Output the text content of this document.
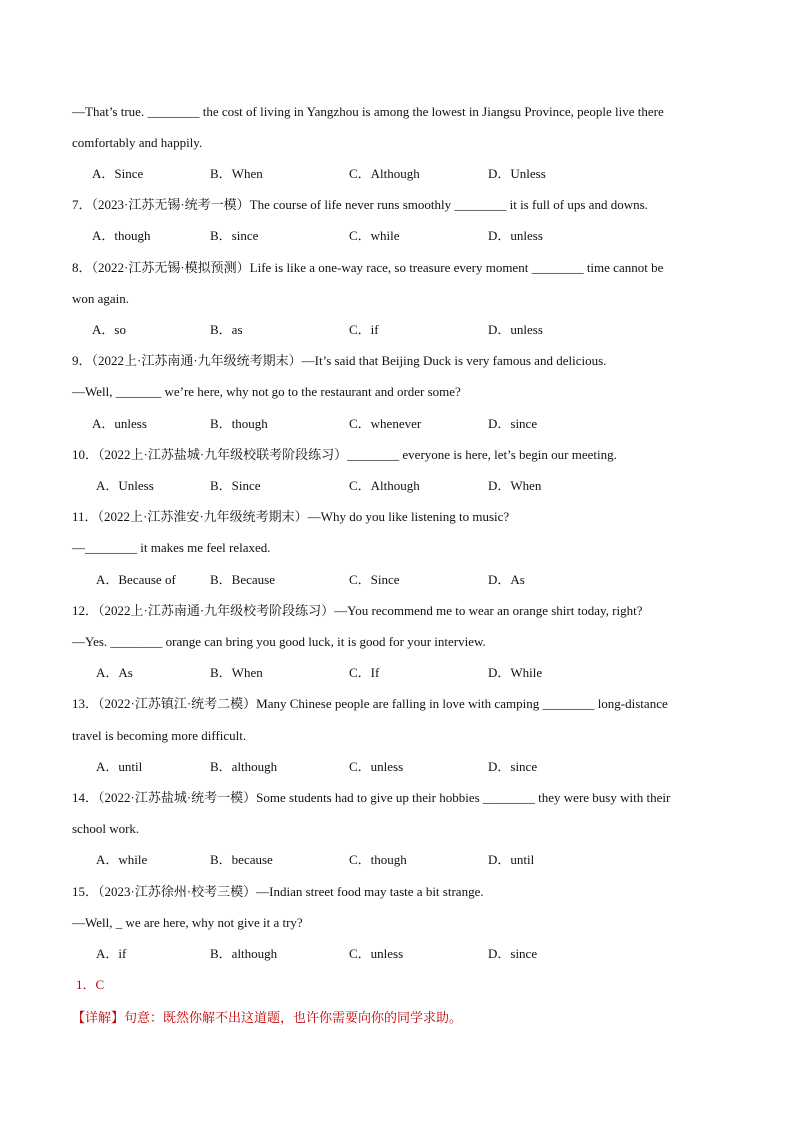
—That’s true. ________ the cost of living in Yangzhou is among the lowest in Jiangsu Province, people live there
comfortably and happily.
A．Since	B．When	C．Although	D．Unless
7．（2023·江苏无锡·统考一模）The course of life never runs smoothly ________ it is full of ups and downs.
A．though	B．since	C．while	D．unless
8．（2022·江苏无锡·模拟预测）Life is like a one-way race, so treasure every moment ________ time cannot be
won again.
A．so	B．as	C．if	D．unless
9．（2022上·江苏南通·九年级统考期末）—It’s said that Beijing Duck is very famous and delicious.
—Well, _______ we’re here, why not go to the restaurant and order some?
A．unless	B．though	C．whenever	D．since
10．（2022上·江苏盐城·九年级校联考阶段练习）________ everyone is here, let’s begin our meeting.
A．Unless	B．Since	C．Although	D．When
11．（2022上·江苏淮安·九年级统考期末）—Why do you like listening to music?
—________ it makes me feel relaxed.
A．Because of	B．Because	C．Since	D．As
12．（2022上·江苏南通·九年级校考阶段练习）—You recommend me to wear an orange shirt today, right?
—Yes. ________ orange can bring you good luck, it is good for your interview.
A．As	B．When	C．If	D．While
13．（2022·江苏镇江·统考二模）Many Chinese people are falling in love with camping ________ long-distance
travel is becoming more difficult.
A．until	B．although	C．unless	D．since
14．（2022·江苏盐城·统考一模）Some students had to give up their hobbies ________ they were busy with their
school work.
A．while	B．because	C．though	D．until
15．（2023·江苏徐州·校考三模）—Indian street food may taste a bit strange.
—Well, _ we are here, why not give it a try?
A．if	B．although	C．unless	D．since
1．C
【详解】句意：既然你解不出这道题，也许你需要向你的同学求助。
